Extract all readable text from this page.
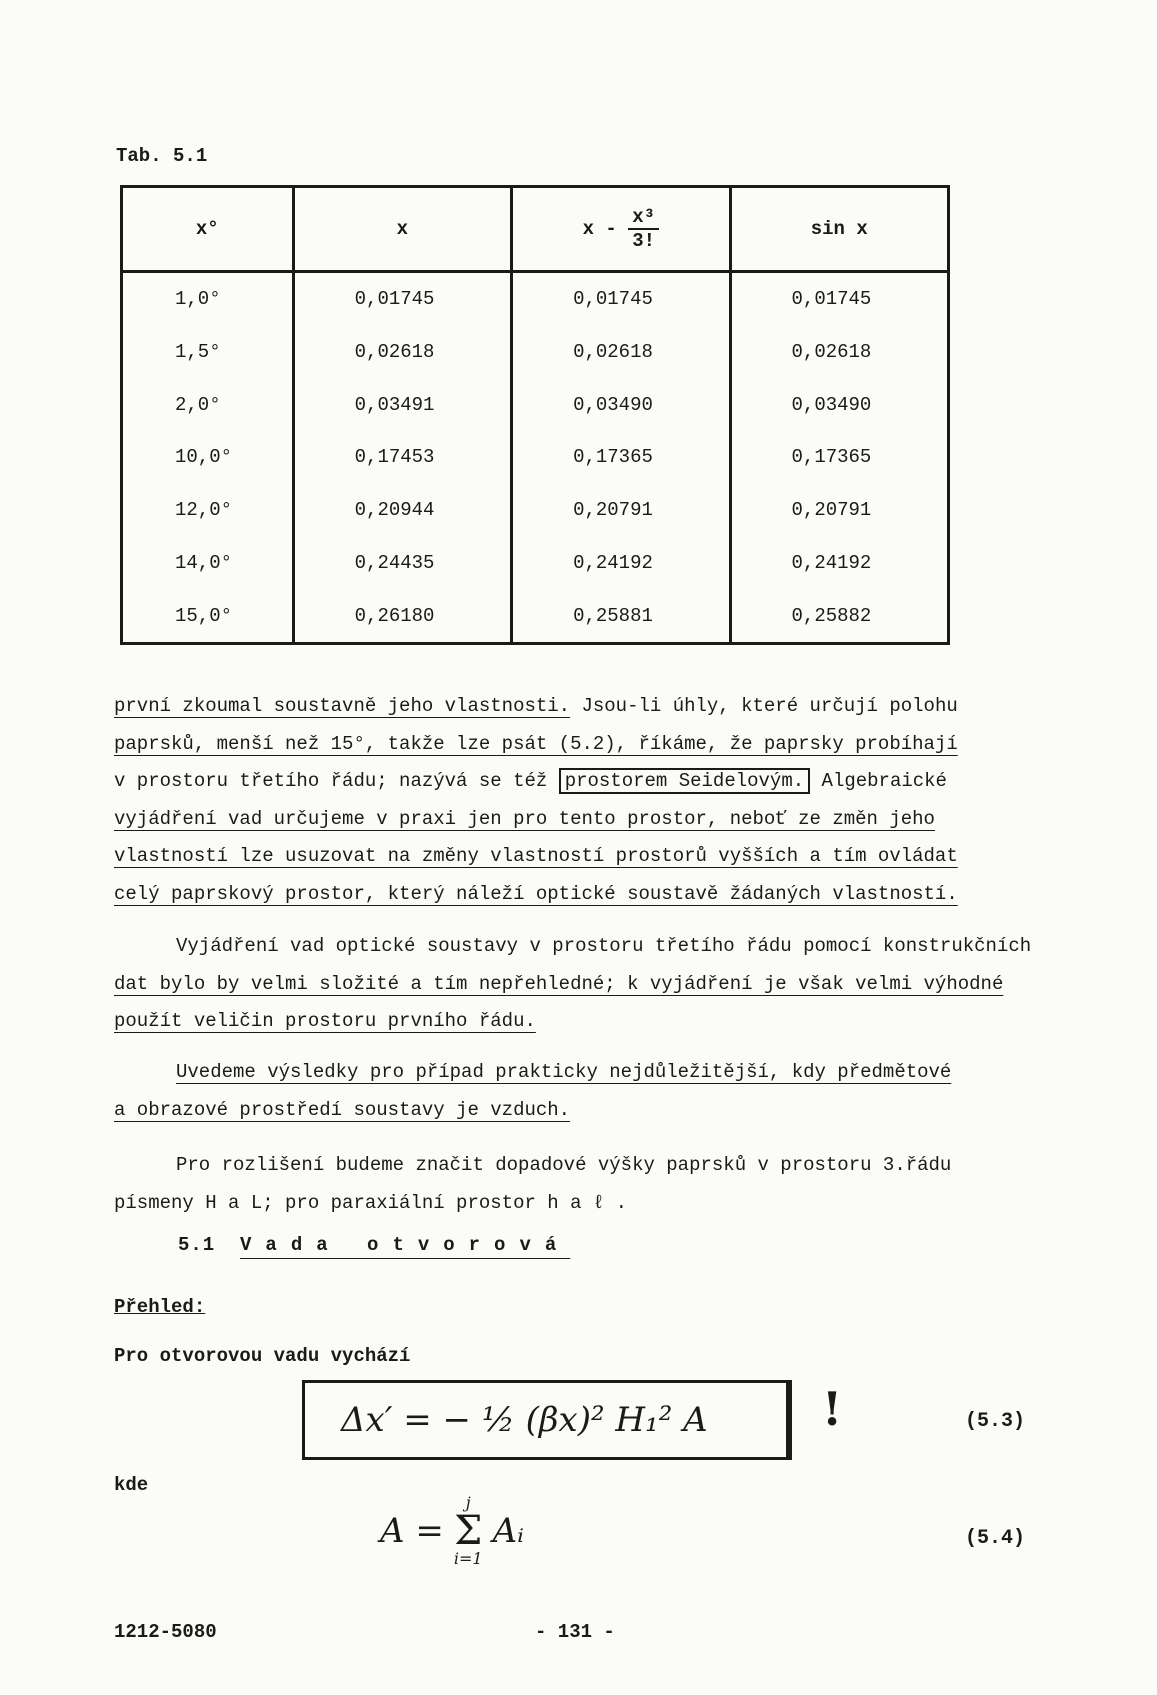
Tab. 5.1
x°	x	x - $\frac{\text{x³}}{3!}$	sin x
1,0°	0,01745	0,01745	0,01745
1,5°	0,02618	0,02618	0,02618
2,0°	0,03491	0,03490	0,03490
10,0°	0,17453	0,17365	0,17365
12,0°	0,20944	0,20791	0,20791
14,0°	0,24435	0,24192	0,24192
15,0°	0,26180	0,25881	0,25882
první zkoumal soustavně jeho vlastnosti. Jsou-li úhly, které určují polohu
paprsků, menší než 15°, takže lze psát (5.2), říkáme, že paprsky probíhají
v prostoru třetího řádu; nazývá se též prostorem Seidelovým. Algebraické
vyjádření vad určujeme v praxi jen pro tento prostor, neboť ze změn jeho
vlastností lze usuzovat na změny vlastností prostorů vyšších a tím ovládat
celý paprskový prostor, který náleží optické soustavě žádaných vlastností.
Vyjádření vad optické soustavy v prostoru třetího řádu pomocí konstrukčních
dat bylo by velmi složité a tím nepřehledné; k vyjádření je však velmi výhodné
použít veličin prostoru prvního řádu.
Uvedeme výsledky pro případ prakticky nejdůležitější, kdy předmětové
a obrazové prostředí soustavy je vzduch.
Pro rozlišení budeme značit dopadové výšky paprsků v prostoru 3.řádu
písmeny H a L; pro paraxiální prostor h a ℓ .
5.1 Vada otvorová
Přehled:
Pro otvorovou vadu vychází
Δx′ = − ½ (βx)² H₁² A	!	(5.3)
kde
A =
j
Σ
i=1
Aᵢ	(5.4)
1212-5080	- 131 -
